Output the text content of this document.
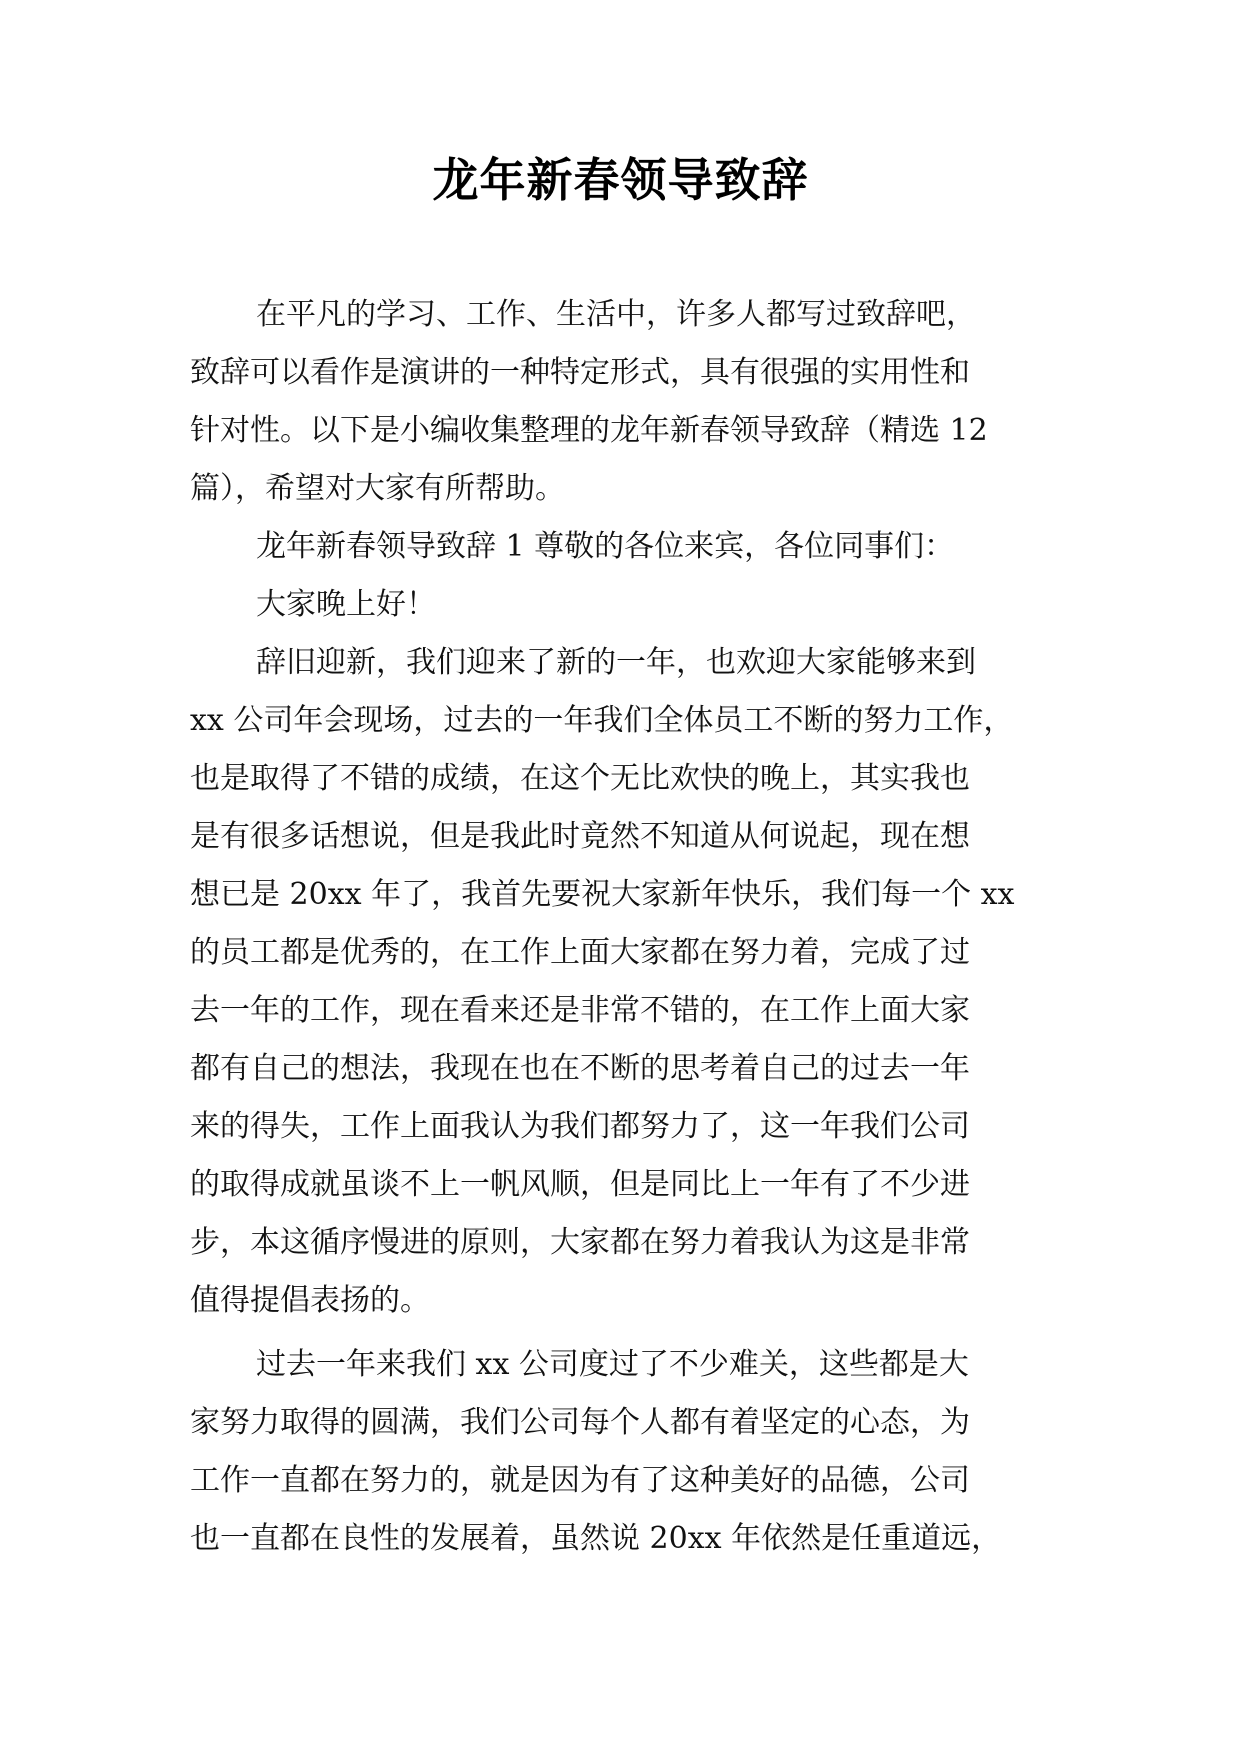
龙年新春领导致辞
在平凡的学习、工作、生活中，许多人都写过致辞吧，
致辞可以看作是演讲的一种特定形式，具有很强的实用性和
针对性。以下是小编收集整理的龙年新春领导致辞（精选 12
篇），希望对大家有所帮助。
龙年新春领导致辞 1 尊敬的各位来宾，各位同事们：
大家晚上好！
辞旧迎新，我们迎来了新的一年，也欢迎大家能够来到
xx 公司年会现场，过去的一年我们全体员工不断的努力工作，
也是取得了不错的成绩，在这个无比欢快的晚上，其实我也
是有很多话想说，但是我此时竟然不知道从何说起，现在想
想已是 20xx 年了，我首先要祝大家新年快乐，我们每一个 xx
的员工都是优秀的，在工作上面大家都在努力着，完成了过
去一年的工作，现在看来还是非常不错的，在工作上面大家
都有自己的想法，我现在也在不断的思考着自己的过去一年
来的得失，工作上面我认为我们都努力了，这一年我们公司
的取得成就虽谈不上一帆风顺，但是同比上一年有了不少进
步，本这循序慢进的原则，大家都在努力着我认为这是非常
值得提倡表扬的。
过去一年来我们 xx 公司度过了不少难关，这些都是大
家努力取得的圆满，我们公司每个人都有着坚定的心态，为
工作一直都在努力的，就是因为有了这种美好的品德，公司
也一直都在良性的发展着，虽然说 20xx 年依然是任重道远，
